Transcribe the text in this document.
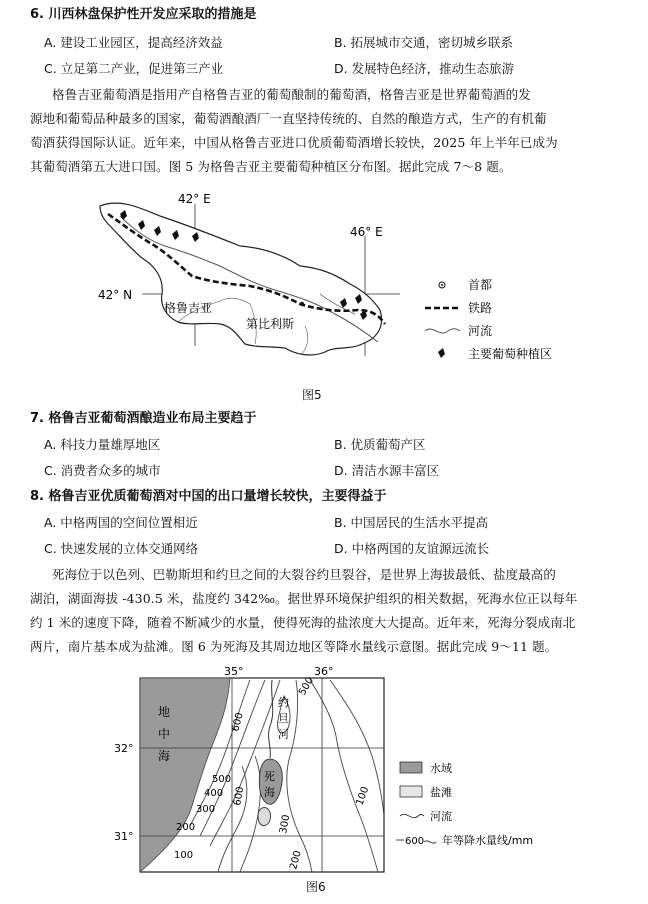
6. 川西林盘保护性开发应采取的措施是
A. 建设工业园区，提高经济效益	B. 拓展城市交通，密切城乡联系
C. 立足第二产业，促进第三产业	D. 发展特色经济，推动生态旅游
格鲁吉亚葡萄酒是指用产自格鲁吉亚的葡萄酿制的葡萄酒，格鲁吉亚是世界葡萄酒的发
源地和葡萄品种最多的国家，葡萄酒酿酒厂一直坚持传统的、自然的酿造方式，生产的有机葡
萄酒获得国际认证。近年来，中国从格鲁吉亚进口优质葡萄酒增长较快，2025 年上半年已成为
其葡萄酒第五大进口国。图 5 为格鲁吉亚主要葡萄种植区分布图。据此完成 7～8 题。
42° E
46° E
42° N
格鲁吉亚
第比利斯
首都
铁路
河流
主要葡萄种植区
图5
7. 格鲁吉亚葡萄酒酿造业布局主要趋于
A. 科技力量雄厚地区	B. 优质葡萄产区
C. 消费者众多的城市	D. 清洁水源丰富区
8. 格鲁吉亚优质葡萄酒对中国的出口量增长较快，主要得益于
A. 中格两国的空间位置相近	B. 中国居民的生活水平提高
C. 快速发展的立体交通网络	D. 中格两国的友谊源远流长
死海位于以色列、巴勒斯坦和约旦之间的大裂谷约旦裂谷，是世界上海拔最低、盐度最高的
湖泊，湖面海拔 -430.5 米，盐度约 342‰。据世界环境保护组织的相关数据，死海水位正以每年
约 1 米的速度下降，随着不断减少的水量，使得死海的盐浓度大大提高。近年来，死海分裂成南北
两片，南片基本成为盐滩。图 6 为死海及其周边地区等降水量线示意图。据此完成 9～11 题。
地
中
海
35°	36°
32°
31°
约
旦
河
死
海
500
600
400
300
200
100
600	100
200
300
500
水域
盐滩
河流
600 年等降水量线/mm
图6
